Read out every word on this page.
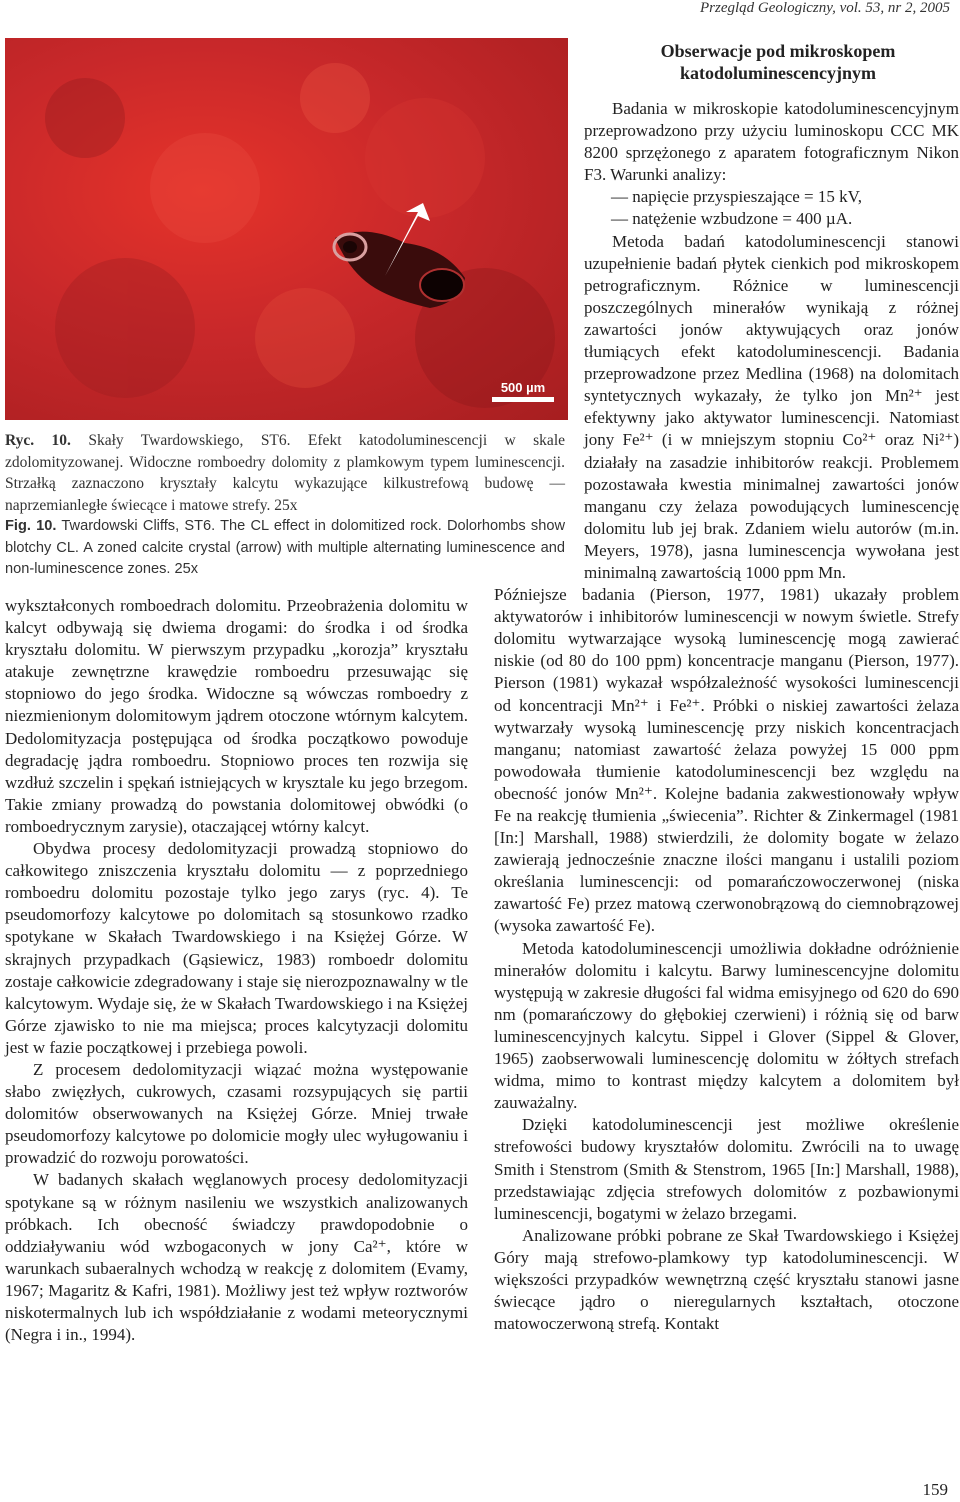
Przegląd Geologiczny, vol. 53, nr 2, 2005
500 µm

Ryc. 10. Skały Twardowskiego, ST6. Efekt katodoluminescencji w skale zdolomityzowanej. Widoczne romboedry dolomity z plamkowym typem luminescencji. Strzałką zaznaczono kryształy kalcytu wykazujące kilkustrefową budowę — naprzemianległe świecące i matowe strefy. 25x

Fig. 10. Twardowski Cliffs, ST6. The CL effect in dolomitized rock. Dolorhombs show blotchy CL. A zoned calcite crystal (arrow) with multiple alternating luminescence and non-luminescence zones. 25x

wykształconych romboedrach dolomitu. Przeobrażenia dolomitu w kalcyt odbywają się dwiema drogami: do środka i od środka kryształu dolomitu. W pierwszym przypadku „korozja” kryształu atakuje zewnętrzne krawędzie romboedru przesuwając się stopniowo do jego środka. Widoczne są wówczas romboedry z niezmienionym dolomitowym jądrem otoczone wtórnym kalcytem. Dedolomityzacja postępująca od środka początkowo powoduje degradację jądra romboedru. Stopniowo proces ten rozwija się wzdłuż szczelin i spękań istniejących w krysztale ku jego brzegom. Takie zmiany prowadzą do powstania dolomitowej obwódki (o romboedrycznym zarysie), otaczającej wtórny kalcyt.

Obydwa procesy dedolomityzacji prowadzą stopniowo do całkowitego zniszczenia kryształu dolomitu — z poprzedniego romboedru dolomitu pozostaje tylko jego zarys (ryc. 4). Te pseudomorfozy kalcytowe po dolomitach są stosunkowo rzadko spotykane w Skałach Twardowskiego i na Księżej Górze. W skrajnych przypadkach (Gąsiewicz, 1983) romboedr dolomitu zostaje całkowicie zdegradowany i staje się nierozpoznawalny w tle kalcytowym. Wydaje się, że w Skałach Twardowskiego i na Księżej Górze zjawisko to nie ma miejsca; proces kalcytyzacji dolomitu jest w fazie początkowej i przebiega powoli.

Z procesem dedolomityzacji wiązać można występowanie słabo zwięzłych, cukrowych, czasami rozsypujących się partii dolomitów obserwowanych na Księżej Górze. Mniej trwałe pseudomorfozy kalcytowe po dolomicie mogły ulec wyługowaniu i prowadzić do rozwoju porowatości.

W badanych skałach węglanowych procesy dedolomityzacji spotykane są w różnym nasileniu we wszystkich analizowanych próbkach. Ich obecność świadczy prawdopodobnie o oddziaływaniu wód wzbogaconych w jony Ca²⁺, które w warunkach subaeralnych wchodzą w reakcję z dolomitem (Evamy, 1967; Magaritz & Kafri, 1981). Możliwy jest też wpływ roztworów niskotermalnych lub ich współdziałanie z wodami meteorycznymi (Negra i in., 1994).

Obserwacje pod mikroskopem katodoluminescencyjnym

Badania w mikroskopie katodoluminescencyjnym przeprowadzono przy użyciu luminoskopu CCC MK 8200 sprzężonego z aparatem fotograficznym Nikon F3. Warunki analizy:

— napięcie przyspieszające = 15 kV,

— natężenie wzbudzone = 400 µA.

Metoda badań katodoluminescencji stanowi uzupełnienie badań płytek cienkich pod mikroskopem petrograficznym. Różnice w luminescencji poszczególnych minerałów wynikają z różnej zawartości jonów aktywujących oraz jonów tłumiących efekt katodoluminescencji. Badania przeprowadzone przez Medlina (1968) na dolomitach syntetycznych wykazały, że tylko jon Mn²⁺ jest efektywny jako aktywator luminescencji. Natomiast jony Fe²⁺ (i w mniejszym stopniu Co²⁺ oraz Ni²⁺) działały na zasadzie inhibitorów reakcji. Problemem pozostawała kwestia minimalnej zawartości jonów manganu czy żelaza powodujących luminescencję dolomitu lub jej brak. Zdaniem wielu autorów (m.in. Meyers, 1978), jasna luminescencja wywołana jest minimalną zawartością 1000 ppm Mn.

Późniejsze badania (Pierson, 1977, 1981) ukazały problem aktywatorów i inhibitorów luminescencji w nowym świetle. Strefy dolomitu wytwarzające wysoką luminescencję mogą zawierać niskie (od 80 do 100 ppm) koncentracje manganu (Pierson, 1977). Pierson (1981) wykazał współzależność wysokości luminescencji od koncentracji Mn²⁺ i Fe²⁺. Próbki o niskiej zawartości żelaza wytwarzały wysoką luminescencję przy niskich koncentracjach manganu; natomiast zawartość żelaza powyżej 15 000 ppm powodowała tłumienie katodoluminescencji bez względu na obecność jonów Mn²⁺. Kolejne badania zakwestionowały wpływ Fe na reakcję tłumienia „świecenia”. Richter & Zinkermagel (1981 [In:] Marshall, 1988) stwierdzili, że dolomity bogate w żelazo zawierają jednocześnie znaczne ilości manganu i ustalili poziom określania luminescencji: od pomarańczowoczerwonej (niska zawartość Fe) przez matową czerwonobrązową do ciemnobrązowej (wysoka zawartość Fe).

Metoda katodoluminescencji umożliwia dokładne odróżnienie minerałów dolomitu i kalcytu. Barwy luminescencyjne dolomitu występują w zakresie długości fal widma emisyjnego od 620 do 690 nm (pomarańczowy do głębokiej czerwieni) i różnią się od barw luminescencyjnych kalcytu. Sippel i Glover (Sippel & Glover, 1965) zaobserwowali luminescencję dolomitu w żółtych strefach widma, mimo to kontrast między kalcytem a dolomitem był zauważalny.

Dzięki katodoluminescencji jest możliwe określenie strefowości budowy kryształów dolomitu. Zwrócili na to uwagę Smith i Stenstrom (Smith & Stenstrom, 1965 [In:] Marshall, 1988), przedstawiając zdjęcia strefowych dolomitów z pozbawionymi luminescencji, bogatymi w żelazo brzegami.

Analizowane próbki pobrane ze Skał Twardowskiego i Księżej Góry mają strefowo-plamkowy typ katodoluminescencji. W większości przypadków wewnętrzną część kryształu stanowi jasne świecące jądro o nieregularnych kształtach, otoczone matowoczerwoną strefą. Kontakt

159
